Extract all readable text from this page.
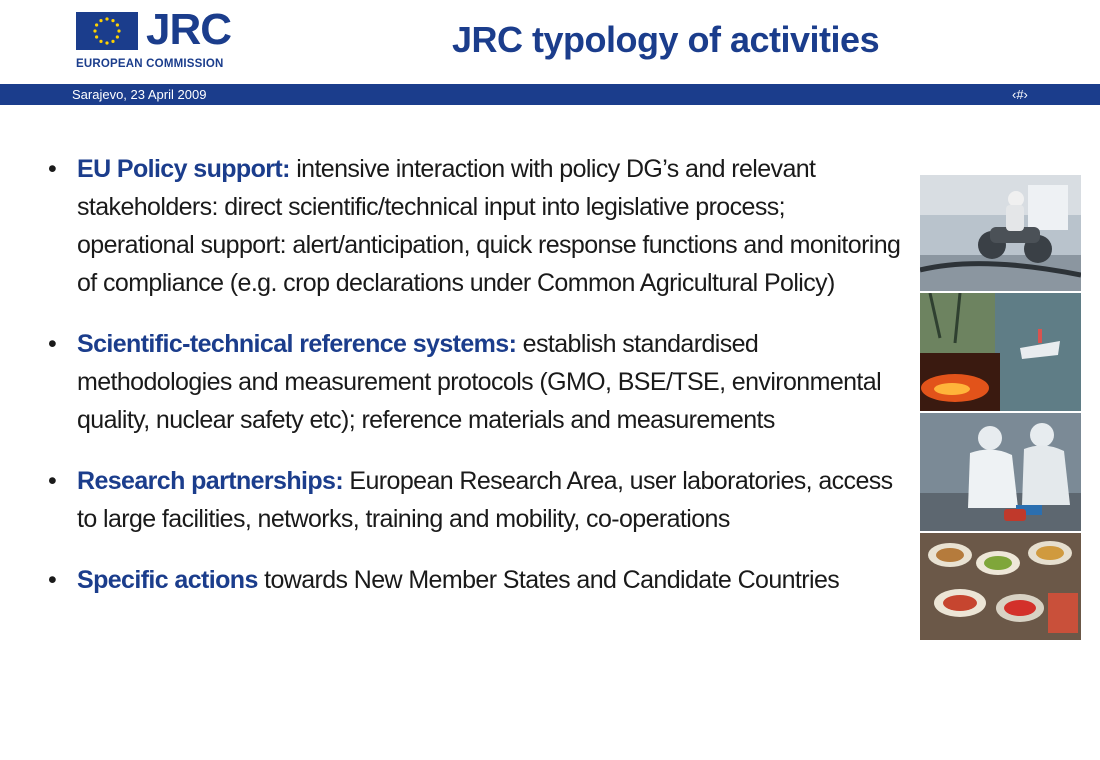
JRC
EUROPEAN COMMISSION
JRC typology of activities
Sarajevo, 23 April 2009	‹#›
• EU Policy support: intensive interaction with policy DG’s and relevant stakeholders: direct scientific/technical input into legislative process; operational support: alert/anticipation, quick response functions and monitoring of compliance (e.g. crop declarations under Common Agricultural Policy)
• Scientific-technical reference systems: establish standardised methodologies and measurement protocols (GMO, BSE/TSE, environmental quality, nuclear safety etc); reference materials and measurements
• Research partnerships: European Research Area, user laboratories, access to large facilities, networks, training and mobility, co-operations
• Specific actions towards New Member States and Candidate Countries
